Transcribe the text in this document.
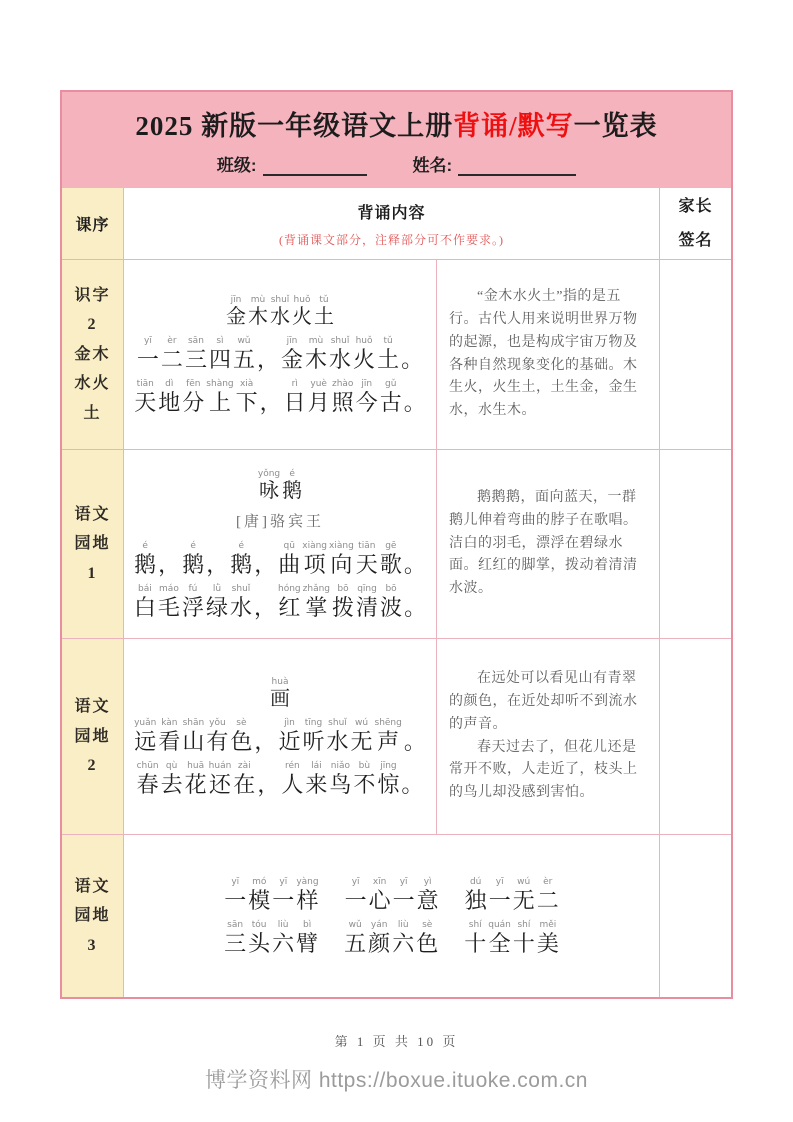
2025 新版一年级语文上册背诵/默写一览表
班级:	姓名:
课序
背诵内容
(背诵课文部分，注释部分可不作要求。)
家长
签名
识字
2
金木
水火
土
jīn
金
mù
木
shuǐ
水
huǒ
火
tǔ
土
yī
一
èr
二
sān
三
sì
四
wǔ
五 ，
jīn
金
mù
木
shuǐ
水
huǒ
火
tǔ
土 。
tiān
天
dì
地
fēn
分
shàng
上
xià
下 ，
rì
日
yuè
月
zhào
照
jīn
今
gǔ
古 。

“金木水火土”指的是五行。古代人用来说明世界万物的起源，也是构成宇宙万物及各种自然现象变化的基础。木生火，火生土，土生金，金生水，水生木。

语文
园地
1
yǒng
咏
é
鹅
[唐]骆宾王
é
鹅 ，
é
鹅 ，
é
鹅 ，
qū
曲
xiàng
项
xiàng
向
tiān
天
gē
歌 。
bái
白
máo
毛
fú
浮
lǜ
绿
shuǐ
水 ，
hóng
红
zhǎng
掌
bō
拨
qīng
清
bō
波 。

鹅鹅鹅，面向蓝天，一群鹅儿伸着弯曲的脖子在歌唱。洁白的羽毛，漂浮在碧绿水面。红红的脚掌，拨动着清清水波。

语文
园地
2
huà
画
yuǎn
远
kàn
看
shān
山
yǒu
有
sè
色 ，
jìn
近
tīng
听
shuǐ
水
wú
无
shēng
声 。
chūn
春
qù
去
huā
花
huán
还
zài
在 ，
rén
人
lái
来
niǎo
鸟
bù
不
jīng
惊 。

在远处可以看见山有青翠的颜色，在近处却听不到流水的声音。

春天过去了，但花儿还是常开不败，人走近了，枝头上的鸟儿却没感到害怕。

语文
园地
3
yī
一
mó
模
yī
一
yàng
样

yī
一
xīn
心
yī
一
yì
意

dú
独
yī
一
wú
无
èr
二
sān
三
tóu
头
liù
六
bì
臂

wǔ
五
yán
颜
liù
六
sè
色

shí
十
quán
全
shí
十
měi
美
第 1 页 共 10 页
博学资料网 https://boxue.ituoke.com.cn
